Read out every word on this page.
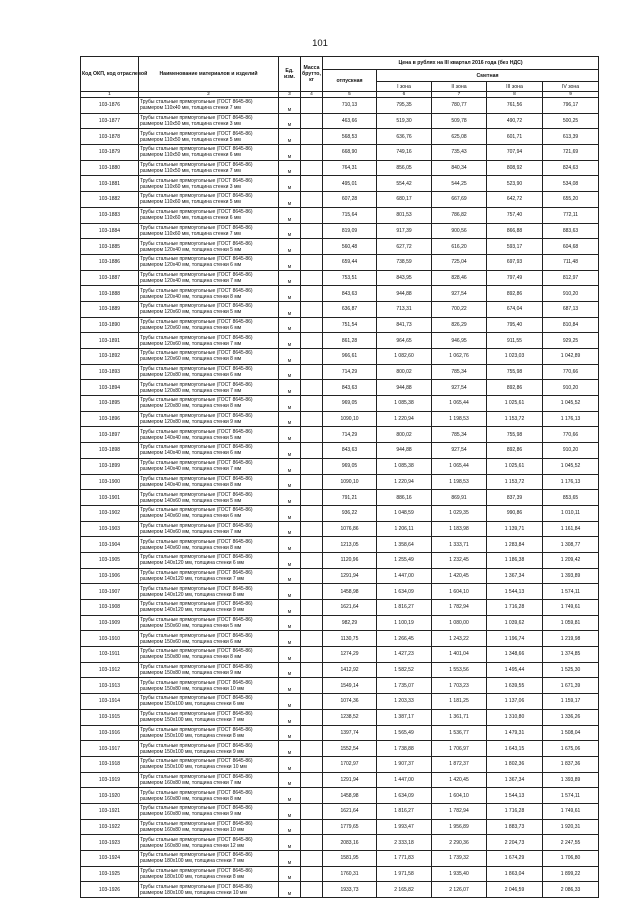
101
Код ОКП, код отраслевой	Наименование материалов и изделий	Ед. изм.	Масса брутто, кг	Цена в рублях на III квартал 2016 года (без НДС)				
				отпускная	Сметная			
					I зона	II зона	III зона	IV зона
1	2	3	4	5	6	7	8	9
103-1876	Трубы стальные прямоугольные (ГОСТ 8645-86)
размером 110х40 мм, толщина стенки 7 мм	м		710,13	795,35	780,77	761,56	796,17
103-1877	Трубы стальные прямоугольные (ГОСТ 8645-86)
размером 110х50 мм, толщина стенки 3 мм	м		463,66	519,30	509,78	490,72	500,25
103-1878	Трубы стальные прямоугольные (ГОСТ 8645-86)
размером 110х50 мм, толщина стенки 5 мм	м		568,53	636,76	625,08	601,71	613,39
103-1879	Трубы стальные прямоугольные (ГОСТ 8645-86)
размером 110х50 мм, толщина стенки 6 мм	м		668,90	749,16	735,43	707,94	721,69
103-1880	Трубы стальные прямоугольные (ГОСТ 8645-86)
размером 110х50 мм, толщина стенки 7 мм	м		764,31	856,05	840,34	808,92	824,63
103-1881	Трубы стальные прямоугольные (ГОСТ 8645-86)
размером 110х60 мм, толщина стенки 3 мм	м		495,01	554,42	544,25	523,90	534,08
103-1882	Трубы стальные прямоугольные (ГОСТ 8645-86)
размером 110х60 мм, толщина стенки 5 мм	м		607,28	680,17	667,69	642,72	655,20
103-1883	Трубы стальные прямоугольные (ГОСТ 8645-86)
размером 110х60 мм, толщина стенки 6 мм	м		715,64	801,53	786,82	757,40	772,11
103-1884	Трубы стальные прямоугольные (ГОСТ 8645-86)
размером 110х60 мм, толщина стенки 7 мм	м		819,09	917,39	900,56	866,88	883,63
103-1885	Трубы стальные прямоугольные (ГОСТ 8645-86)
размером 120х40 мм, толщина стенки 5 мм	м		560,48	627,72	616,20	593,17	604,68
103-1886	Трубы стальные прямоугольные (ГОСТ 8645-86)
размером 120х40 мм, толщина стенки 6 мм	м		659,44	738,59	725,04	697,93	711,48
103-1887	Трубы стальные прямоугольные (ГОСТ 8645-86)
размером 120х40 мм, толщина стенки 7 мм	м		753,51	843,95	828,46	797,49	812,97
103-1888	Трубы стальные прямоугольные (ГОСТ 8645-86)
размером 120х40 мм, толщина стенки 8 мм	м		843,63	944,88	927,54	892,86	910,20
103-1889	Трубы стальные прямоугольные (ГОСТ 8645-86)
размером 120х60 мм, толщина стенки 5 мм	м		636,87	713,31	700,22	674,04	687,13
103-1890	Трубы стальные прямоугольные (ГОСТ 8645-86)
размером 120х60 мм, толщина стенки 6 мм	м		751,54	841,73	826,29	795,40	810,84
103-1891	Трубы стальные прямоугольные (ГОСТ 8645-86)
размером 120х60 мм, толщина стенки 7 мм	м		861,28	964,65	946,95	911,55	929,25
103-1892	Трубы стальные прямоугольные (ГОСТ 8645-86)
размером 120х60 мм, толщина стенки 8 мм	м		966,61	1 082,60	1 062,76	1 023,03	1 042,89
103-1893	Трубы стальные прямоугольные (ГОСТ 8645-86)
размером 120х80 мм, толщина стенки 6 мм	м		714,29	800,02	785,34	755,98	770,66
103-1894	Трубы стальные прямоугольные (ГОСТ 8645-86)
размером 120х80 мм, толщина стенки 7 мм	м		843,63	944,88	927,54	892,86	910,20
103-1895	Трубы стальные прямоугольные (ГОСТ 8645-86)
размером 120х80 мм, толщина стенки 8 мм	м		969,05	1 085,38	1 065,44	1 025,61	1 045,52
103-1896	Трубы стальные прямоугольные (ГОСТ 8645-86)
размером 120х80 мм, толщина стенки 9 мм	м		1090,10	1 220,94	1 198,53	1 153,72	1 176,13
103-1897	Трубы стальные прямоугольные (ГОСТ 8645-86)
размером 140х40 мм, толщина стенки 5 мм	м		714,29	800,02	785,34	755,98	770,66
103-1898	Трубы стальные прямоугольные (ГОСТ 8645-86)
размером 140х40 мм, толщина стенки 6 мм	м		843,63	944,88	927,54	892,86	910,20
103-1899	Трубы стальные прямоугольные (ГОСТ 8645-86)
размером 140х40 мм, толщина стенки 7 мм	м		969,05	1 085,38	1 065,44	1 025,61	1 045,52
103-1900	Трубы стальные прямоугольные (ГОСТ 8645-86)
размером 140х40 мм, толщина стенки 8 мм	м		1090,10	1 220,94	1 198,53	1 153,72	1 176,13
103-1901	Трубы стальные прямоугольные (ГОСТ 8645-86)
размером 140х60 мм, толщина стенки 5 мм	м		791,21	886,16	869,91	837,39	853,65
103-1902	Трубы стальные прямоугольные (ГОСТ 8645-86)
размером 140х60 мм, толщина стенки 6 мм	м		936,22	1 048,59	1 029,35	990,86	1 010,11
103-1903	Трубы стальные прямоугольные (ГОСТ 8645-86)
размером 140х60 мм, толщина стенки 7 мм	м		1076,86	1 206,11	1 183,98	1 139,71	1 161,84
103-1904	Трубы стальные прямоугольные (ГОСТ 8645-86)
размером 140х60 мм, толщина стенки 8 мм	м		1213,05	1 358,64	1 333,71	1 283,84	1 308,77
103-1905	Трубы стальные прямоугольные (ГОСТ 8645-86)
размером 140х120 мм, толщина стенки 6 мм	м		1120,96	1 255,49	1 232,45	1 186,38	1 209,42
103-1906	Трубы стальные прямоугольные (ГОСТ 8645-86)
размером 140х120 мм, толщина стенки 7 мм	м		1291,94	1 447,00	1 420,45	1 367,34	1 393,89
103-1907	Трубы стальные прямоугольные (ГОСТ 8645-86)
размером 140х120 мм, толщина стенки 8 мм	м		1458,98	1 634,09	1 604,10	1 544,13	1 574,11
103-1908	Трубы стальные прямоугольные (ГОСТ 8645-86)
размером 140х120 мм, толщина стенки 9 мм	м		1621,64	1 816,27	1 782,94	1 716,28	1 749,61
103-1909	Трубы стальные прямоугольные (ГОСТ 8645-86)
размером 150х60 мм, толщина стенки 5 мм	м		982,29	1 100,19	1 080,00	1 039,62	1 059,81
103-1910	Трубы стальные прямоугольные (ГОСТ 8645-86)
размером 150х60 мм, толщина стенки 6 мм	м		1130,75	1 266,45	1 243,22	1 196,74	1 219,98
103-1911	Трубы стальные прямоугольные (ГОСТ 8645-86)
размером 150х80 мм, толщина стенки 8 мм	м		1274,29	1 427,23	1 401,04	1 348,66	1 374,85
103-1912	Трубы стальные прямоугольные (ГОСТ 8645-86)
размером 150х80 мм, толщина стенки 9 мм	м		1412,92	1 582,52	1 553,56	1 495,44	1 525,30
103-1913	Трубы стальные прямоугольные (ГОСТ 8645-86)
размером 150х80 мм, толщина стенки 10 мм	м		1549,14	1 735,07	1 703,23	1 639,55	1 671,39
103-1914	Трубы стальные прямоугольные (ГОСТ 8645-86)
размером 150х100 мм, толщина стенки 6 мм	м		1074,36	1 203,33	1 181,25	1 137,06	1 159,17
103-1915	Трубы стальные прямоугольные (ГОСТ 8645-86)
размером 150х100 мм, толщина стенки 7 мм	м		1238,52	1 387,17	1 361,71	1 310,80	1 336,26
103-1916	Трубы стальные прямоугольные (ГОСТ 8645-86)
размером 150х100 мм, толщина стенки 8 мм	м		1397,74	1 565,49	1 536,77	1 479,31	1 508,04
103-1917	Трубы стальные прямоугольные (ГОСТ 8645-86)
размером 150х100 мм, толщина стенки 9 мм	м		1552,54	1 738,88	1 706,97	1 643,15	1 675,06
103-1918	Трубы стальные прямоугольные (ГОСТ 8645-86)
размером 150х100 мм, толщина стенки 10 мм	м		1702,97	1 907,37	1 872,37	1 802,36	1 837,36
103-1919	Трубы стальные прямоугольные (ГОСТ 8645-86)
размером 160х80 мм, толщина стенки 7 мм	м		1291,94	1 447,00	1 420,45	1 367,34	1 393,89
103-1920	Трубы стальные прямоугольные (ГОСТ 8645-86)
размером 160х80 мм, толщина стенки 8 мм	м		1458,98	1 634,09	1 604,10	1 544,13	1 574,11
103-1921	Трубы стальные прямоугольные (ГОСТ 8645-86)
размером 160х80 мм, толщина стенки 9 мм	м		1621,64	1 816,27	1 782,94	1 716,28	1 749,61
103-1922	Трубы стальные прямоугольные (ГОСТ 8645-86)
размером 160х80 мм, толщина стенки 10 мм	м		1779,65	1 993,47	1 956,89	1 883,73	1 920,31
103-1923	Трубы стальные прямоугольные (ГОСТ 8645-86)
размером 160х80 мм, толщина стенки 12 мм	м		2083,16	2 333,18	2 290,36	2 204,73	2 247,55
103-1924	Трубы стальные прямоугольные (ГОСТ 8645-86)
размером 180х100 мм, толщина стенки 7 мм	м		1581,95	1 771,83	1 739,32	1 674,29	1 706,80
103-1925	Трубы стальные прямоугольные (ГОСТ 8645-86)
размером 180х100 мм, толщина стенки 8 мм	м		1760,31	1 971,58	1 935,40	1 863,04	1 899,22
103-1926	Трубы стальные прямоугольные (ГОСТ 8645-86)
размером 180х100 мм, толщина стенки 10 мм	м		1933,73	2 165,82	2 126,07	2 046,59	2 086,33
